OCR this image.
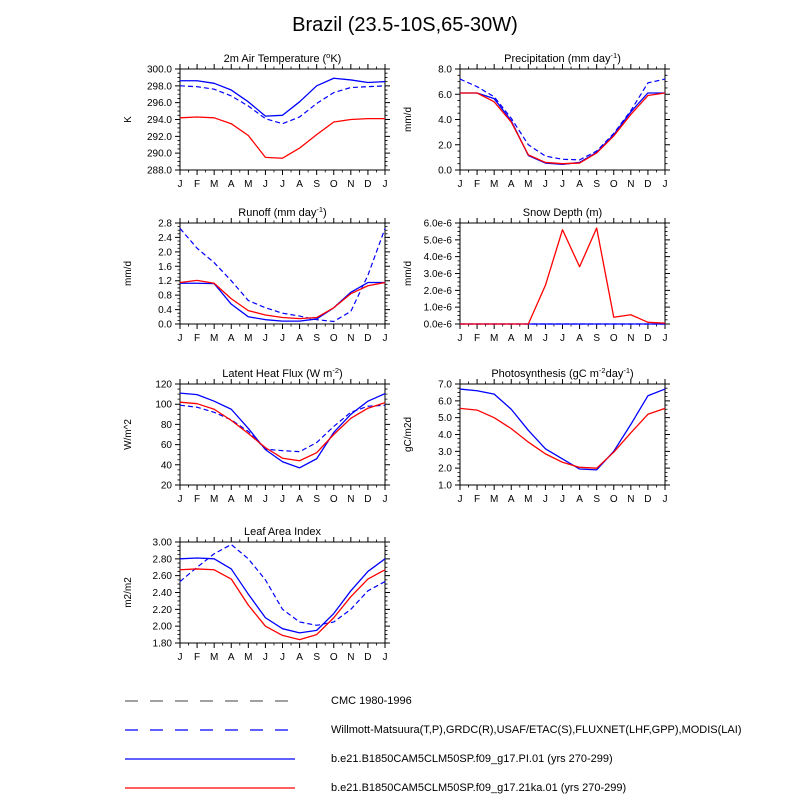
Brazil (23.5-10S,65-30W)
288.0
290.0
292.0
294.0
296.0
298.0
300.0
J F M A M J J A S O N D J
K
2m Air Temperature ($^o$K)
0.0
2.0
4.0
6.0
8.0
J F M A M J J A S O N D J
mm/d
Precipitation (mm day$^{-1}$)
0.0
0.4
0.8
1.2
1.6
2.0
2.4
2.8
J F M A M J J A S O N D J
mm/d
Runoff (mm day$^{-1}$)
0.0e-6
1.0e-6
2.0e-6
3.0e-6
4.0e-6
5.0e-6
6.0e-6
J F M A M J J A S O N D J
mm/d
Snow Depth (m)
20
40
60
80
100
120
J F M A M J J A S O N D J
W/m^2
Latent Heat Flux (W $m^{-2}$)
1.0
2.0
3.0
4.0
5.0
6.0
7.0
J F M A M J J A S O N D J
gC/m2d
Photosynthesis (gC $m^{-2}day^{-1}$)
1.80
2.00
2.20
2.40
2.60
2.80
3.00
J F M A M J J A S O N D J
m2/m2
Leaf Area Index
CMC 1980-1996
Willmott-Matsuura(T,P),GRDC(R),USAF/ETAC(S),FLUXNET(LHF,GPP),MODIS(LAI)
b.e21.B1850CAM5CLM50SP.f09_g17.PI.01 (yrs 270-299)
b.e21.B1850CAM5CLM50SP.f09_g17.21ka.01 (yrs 270-299)
